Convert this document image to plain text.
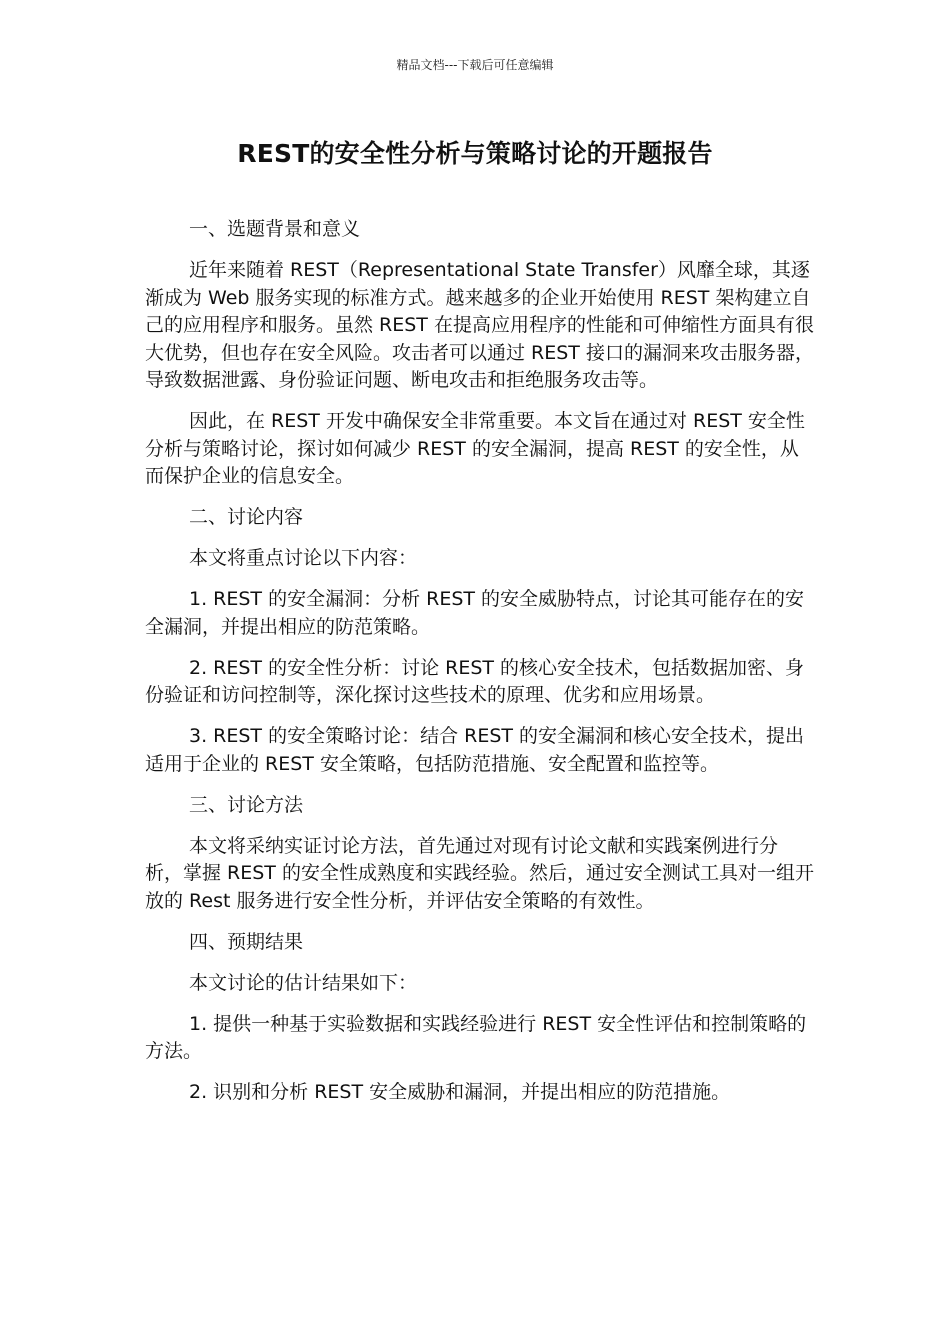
精品文档---下载后可任意编辑
REST的安全性分析与策略讨论的开题报告

一、选题背景和意义

近年来随着 REST（Representational State Transfer）风靡全球，其逐渐成为 Web 服务实现的标准方式。越来越多的企业开始使用 REST 架构建立自己的应用程序和服务。虽然 REST 在提高应用程序的性能和可伸缩性方面具有很大优势，但也存在安全风险。攻击者可以通过 REST 接口的漏洞来攻击服务器，导致数据泄露、身份验证问题、断电攻击和拒绝服务攻击等。

因此，在 REST 开发中确保安全非常重要。本文旨在通过对 REST 安全性分析与策略讨论，探讨如何减少 REST 的安全漏洞，提高 REST 的安全性，从而保护企业的信息安全。

二、讨论内容

本文将重点讨论以下内容：

1. REST 的安全漏洞：分析 REST 的安全威胁特点，讨论其可能存在的安全漏洞，并提出相应的防范策略。

2. REST 的安全性分析：讨论 REST 的核心安全技术，包括数据加密、身份验证和访问控制等，深化探讨这些技术的原理、优劣和应用场景。

3. REST 的安全策略讨论：结合 REST 的安全漏洞和核心安全技术，提出适用于企业的 REST 安全策略，包括防范措施、安全配置和监控等。

三、讨论方法

本文将采纳实证讨论方法，首先通过对现有讨论文献和实践案例进行分析，掌握 REST 的安全性成熟度和实践经验。然后，通过安全测试工具对一组开放的 Rest 服务进行安全性分析，并评估安全策略的有效性。

四、预期结果

本文讨论的估计结果如下：

1. 提供一种基于实验数据和实践经验进行 REST 安全性评估和控制策略的方法。

2. 识别和分析 REST 安全威胁和漏洞，并提出相应的防范措施。
